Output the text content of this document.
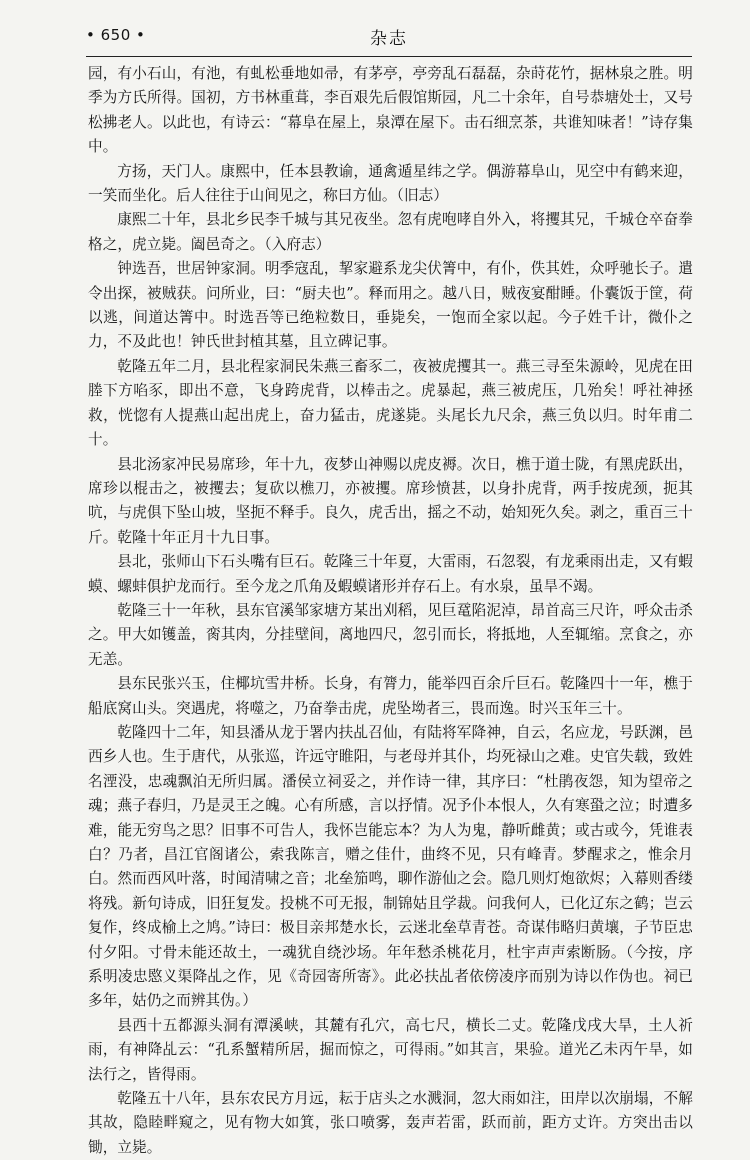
• 650 •	杂志

园，有小石山，有池，有虬松垂地如帚，有茅亭，亭旁乱石磊磊，杂莳花竹，据林泉之胜。明季为方氏所得。国初，方书林重葺，李百艰先后假馆斯园，凡二十余年，自号恭塘处士，又号松拂老人。以此也，有诗云：“幕阜在屋上，泉潭在屋下。击石细烹茶，共谁知味者！”诗存集中。

方扬，天门人。康熙中，任本县教谕，通禽遁星纬之学。偶游幕阜山，见空中有鹤来迎，一笑而坐化。后人往往于山间见之，称曰方仙。（旧志）

康熙二十年，县北乡民李千城与其兄夜坐。忽有虎咆哮自外入，将攫其兄，千城仓卒奋拳格之，虎立毙。阖邑奇之。（入府志）

钟选吾，世居钟家洞。明季寇乱，挈家避系龙尖伏箐中，有仆，佚其姓，众呼驰长子。遣令出探，被贼获。问所业，曰：“厨夫也”。释而用之。越八日，贼夜宴酣睡。仆囊饭于筐，荷以逃，间道达箐中。时选吾等已绝粒数日，垂毙矣，一饱而全家以起。今子姓千计，微仆之力，不及此也！钟氏世封植其墓，且立碑记事。

乾隆五年二月，县北程家洞民朱燕三畜豕二，夜被虎攫其一。燕三寻至朱源岭，见虎在田塍下方啗豕，即出不意，飞身跨虎背，以棒击之。虎暴起，燕三被虎压，几殆矣！呼社神拯救，恍惚有人提燕山起出虎上，奋力猛击，虎遂毙。头尾长九尺余，燕三负以归。时年甫二十。

县北汤家冲民易席珍，年十九，夜梦山神赐以虎皮褥。次日，樵于道士陇，有黑虎跃出，席珍以棍击之，被攫去；复砍以樵刀，亦被攫。席珍愤甚，以身扑虎背，两手按虎颈，扼其吭，与虎俱下坠山坡，坚扼不释手。良久，虎舌出，摇之不动，始知死久矣。剥之，重百三十斤。乾隆十年正月十九日事。

县北，张师山下石头嘴有巨石。乾隆三十年夏，大雷雨，石忽裂，有龙乘雨出走，又有蝦蟆、螺蚌俱护龙而行。至今龙之爪角及蝦蟆诸形并存石上。有水泉，虽旱不竭。

乾隆三十一年秋，县东官溪邹家塘方某出刈稻，见巨鼋陷泥淖，昂首高三尺许，呼众击杀之。甲大如镬盖，脔其肉，分挂壁间，离地四尺，忽引而长，将抵地，人至辄缩。烹食之，亦无恙。

县东民张兴玉，住椰坑雪井桥。长身，有膂力，能举四百余斤巨石。乾隆四十一年，樵于船底窝山头。突遇虎，将噬之，乃奋拳击虎，虎坠坳者三，畏而逸。时兴玉年三十。

乾隆四十二年，知县潘从龙于署内扶乩召仙，有陆将军降神，自云，名应龙，号跃渊，邑西乡人也。生于唐代，从张巡，许远守睢阳，与老母并其仆，均死禄山之难。史官失载，致姓名湮没，忠魂飘泊无所归属。潘侯立祠妥之，并作诗一律，其序曰：“杜鹃夜怨，知为望帝之魂；燕子春归，乃是灵王之魄。心有所感，言以抒情。况予仆本恨人，久有寒蛩之泣；时遭多难，能无穷鸟之思？旧事不可告人，我怀岂能忘本？为人为鬼，静听雌黄；或古或今，凭谁表白？乃者，昌江官阁诸公，索我陈言，赠之佳什，曲终不见，只有峰青。梦醒求之，惟余月白。然而西风叶落，时闻清啸之音；北垒笳鸣，聊作游仙之会。隐几则灯炮欲烬；入幕则香缕将残。新句诗成，旧狂复发。投桃不可无报，制锦姑且学裁。问我何人，已化辽东之鹤；岂云复作，终成榆上之鸠。”诗曰：极目亲邦楚水长，云迷北垒草青苍。奇谋伟略归黄壤，子节臣忠付夕阳。寸骨未能还故土，一魂犹自绕沙场。年年愁杀桃花月，杜宇声声索断肠。（今按，序系明凌忠愍义渠降乩之作，见《奇园寄所寄》。此必扶乩者依傍凌序而别为诗以作伪也。祠已多年，姑仍之而辨其伪。）

县西十五都源头洞有潭溪峡，其麓有孔穴，高七尺，横长二丈。乾隆戊戌大旱，土人祈雨，有神降乩云：“孔系蟹精所居，掘而惊之，可得雨。”如其言，果验。道光乙未丙午旱，如法行之，皆得雨。

乾隆五十八年，县东农民方月远，耘于店头之水溅洞，忽大雨如注，田岸以次崩塌，不解其故，隐睦畔窥之，见有物大如箕，张口喷雾，轰声若雷，跃而前，距方丈许。方突出击以锄，立毙。
